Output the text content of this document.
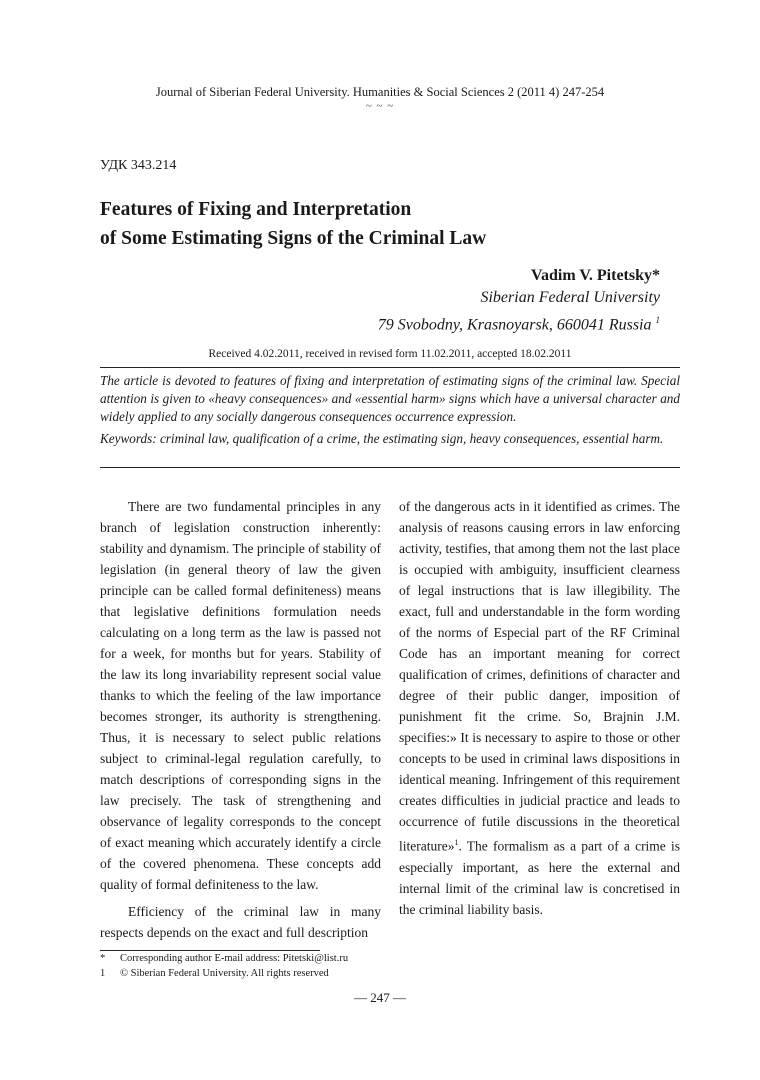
Journal of Siberian Federal University. Humanities & Social Sciences 2 (2011 4) 247-254
~ ~ ~
УДК 343.214
Features of Fixing and Interpretation
of Some Estimating Signs of the Criminal Law
Vadim V. Pitetsky*
Siberian Federal University
79 Svobodny, Krasnoyarsk, 660041 Russia $^1$
Received 4.02.2011, received in revised form 11.02.2011, accepted 18.02.2011
The article is devoted to features of fixing and interpretation of estimating signs of the criminal law. Special attention is given to «heavy consequences» and «essential harm» signs which have a universal character and widely applied to any socially dangerous consequences occurrence expression.
Keywords: criminal law, qualification of a crime, the estimating sign, heavy consequences, essential harm.

There are two fundamental principles in any branch of legislation construction inherently: stability and dynamism. The principle of stability of legislation (in general theory of law the given principle can be called formal definiteness) means that legislative definitions formulation needs calculating on a long term as the law is passed not for a week, for months but for years. Stability of the law its long invariability represent social value thanks to which the feeling of the law importance becomes stronger, its authority is strengthening. Thus, it is necessary to select public relations subject to criminal-legal regulation carefully, to match descriptions of corresponding signs in the law precisely. The task of strengthening and observance of legality corresponds to the concept of exact meaning which accurately identify a circle of the covered phenomena. These concepts add quality of formal definiteness to the law.

Efficiency of the criminal law in many respects depends on the exact and full description

of the dangerous acts in it identified as crimes. The analysis of reasons causing errors in law enforcing activity, testifies, that among them not the last place is occupied with ambiguity, insufficient clearness of legal instructions that is law illegibility. The exact, full and understandable in the form wording of the norms of Especial part of the RF Criminal Code has an important meaning for correct qualification of crimes, definitions of character and degree of their public danger, imposition of punishment fit the crime. So, Brajnin J.M. specifies:» It is necessary to aspire to those or other concepts to be used in criminal laws dispositions in identical meaning. Infringement of this requirement creates difficulties in judicial practice and leads to occurrence of futile discussions in the theoretical literature»$^1$. The formalism as a part of a crime is especially important, as here the external and internal limit of the criminal law is concretised in the criminal liability basis.

* Corresponding author E-mail address: Pitetski@list.ru
1 © Siberian Federal University. All rights reserved
— 247 —
